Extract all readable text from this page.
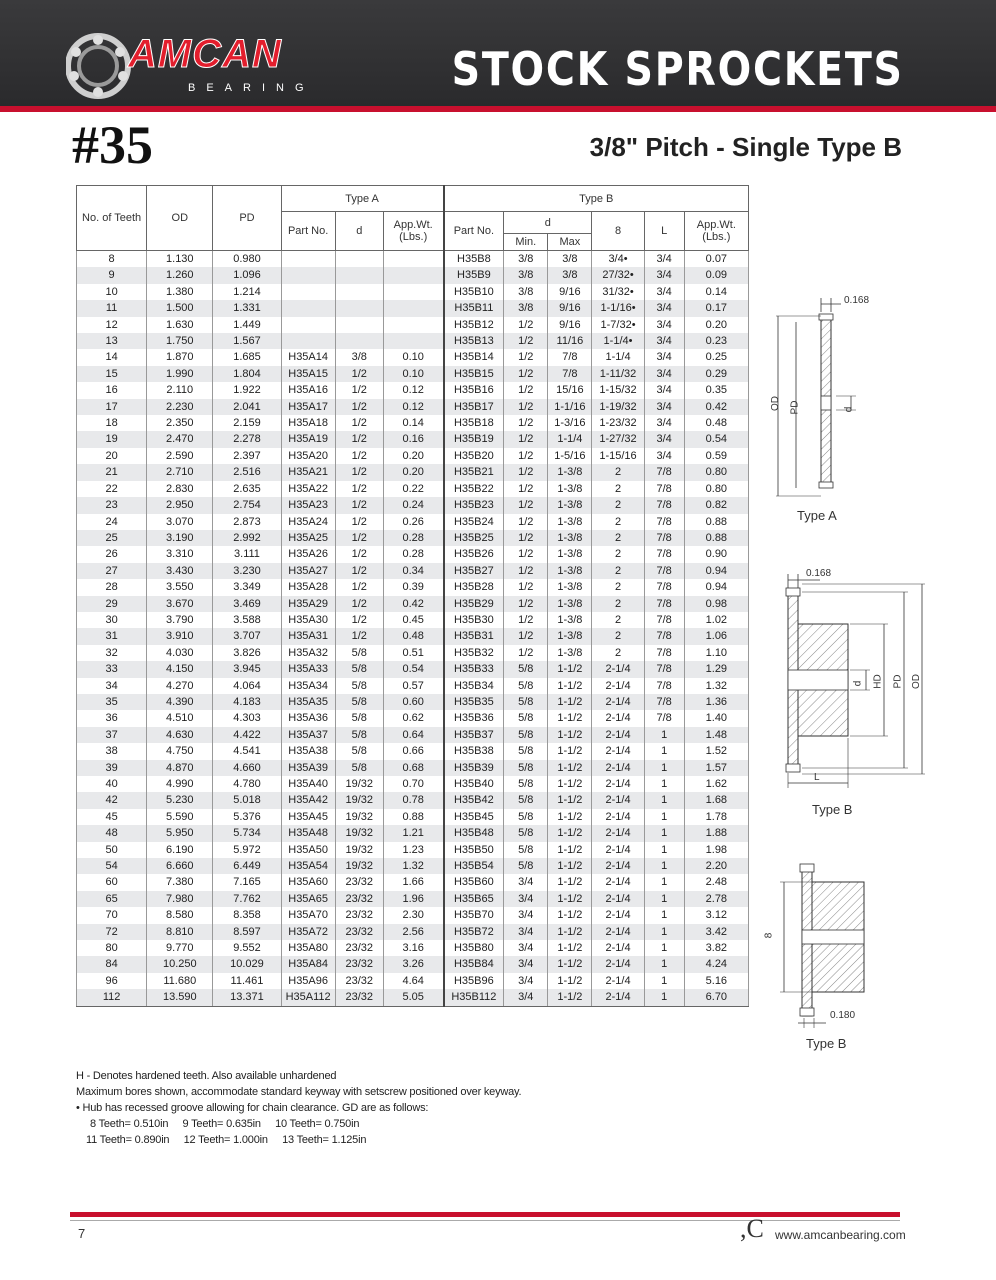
AMCAN
BEARING	STOCK SPROCKETS
#35	3/8" Pitch - Single Type B
No. of Teeth	OD	PD	Type A			Type B					
			Part No.	d	App.Wt. (Lbs.)	Part No.	d		8	L	App.Wt. (Lbs.)
							Min.	Max			
8	1.130	0.980				H35B8	3/8	3/8	3/4•	3/4	0.07
9	1.260	1.096				H35B9	3/8	3/8	27/32•	3/4	0.09
10	1.380	1.214				H35B10	3/8	9/16	31/32•	3/4	0.14
11	1.500	1.331				H35B11	3/8	9/16	1-1/16•	3/4	0.17
12	1.630	1.449				H35B12	1/2	9/16	1-7/32•	3/4	0.20
13	1.750	1.567				H35B13	1/2	11/16	1-1/4•	3/4	0.23
14	1.870	1.685	H35A14	3/8	0.10	H35B14	1/2	7/8	1-1/4	3/4	0.25
15	1.990	1.804	H35A15	1/2	0.10	H35B15	1/2	7/8	1-11/32	3/4	0.29
16	2.110	1.922	H35A16	1/2	0.12	H35B16	1/2	15/16	1-15/32	3/4	0.35
17	2.230	2.041	H35A17	1/2	0.12	H35B17	1/2	1-1/16	1-19/32	3/4	0.42
18	2.350	2.159	H35A18	1/2	0.14	H35B18	1/2	1-3/16	1-23/32	3/4	0.48
19	2.470	2.278	H35A19	1/2	0.16	H35B19	1/2	1-1/4	1-27/32	3/4	0.54
20	2.590	2.397	H35A20	1/2	0.20	H35B20	1/2	1-5/16	1-15/16	3/4	0.59
21	2.710	2.516	H35A21	1/2	0.20	H35B21	1/2	1-3/8	2	7/8	0.80
22	2.830	2.635	H35A22	1/2	0.22	H35B22	1/2	1-3/8	2	7/8	0.80
23	2.950	2.754	H35A23	1/2	0.24	H35B23	1/2	1-3/8	2	7/8	0.82
24	3.070	2.873	H35A24	1/2	0.26	H35B24	1/2	1-3/8	2	7/8	0.88
25	3.190	2.992	H35A25	1/2	0.28	H35B25	1/2	1-3/8	2	7/8	0.88
26	3.310	3.111	H35A26	1/2	0.28	H35B26	1/2	1-3/8	2	7/8	0.90
27	3.430	3.230	H35A27	1/2	0.34	H35B27	1/2	1-3/8	2	7/8	0.94
28	3.550	3.349	H35A28	1/2	0.39	H35B28	1/2	1-3/8	2	7/8	0.94
29	3.670	3.469	H35A29	1/2	0.42	H35B29	1/2	1-3/8	2	7/8	0.98
30	3.790	3.588	H35A30	1/2	0.45	H35B30	1/2	1-3/8	2	7/8	1.02
31	3.910	3.707	H35A31	1/2	0.48	H35B31	1/2	1-3/8	2	7/8	1.06
32	4.030	3.826	H35A32	5/8	0.51	H35B32	1/2	1-3/8	2	7/8	1.10
33	4.150	3.945	H35A33	5/8	0.54	H35B33	5/8	1-1/2	2-1/4	7/8	1.29
34	4.270	4.064	H35A34	5/8	0.57	H35B34	5/8	1-1/2	2-1/4	7/8	1.32
35	4.390	4.183	H35A35	5/8	0.60	H35B35	5/8	1-1/2	2-1/4	7/8	1.36
36	4.510	4.303	H35A36	5/8	0.62	H35B36	5/8	1-1/2	2-1/4	7/8	1.40
37	4.630	4.422	H35A37	5/8	0.64	H35B37	5/8	1-1/2	2-1/4	1	1.48
38	4.750	4.541	H35A38	5/8	0.66	H35B38	5/8	1-1/2	2-1/4	1	1.52
39	4.870	4.660	H35A39	5/8	0.68	H35B39	5/8	1-1/2	2-1/4	1	1.57
40	4.990	4.780	H35A40	19/32	0.70	H35B40	5/8	1-1/2	2-1/4	1	1.62
42	5.230	5.018	H35A42	19/32	0.78	H35B42	5/8	1-1/2	2-1/4	1	1.68
45	5.590	5.376	H35A45	19/32	0.88	H35B45	5/8	1-1/2	2-1/4	1	1.78
48	5.950	5.734	H35A48	19/32	1.21	H35B48	5/8	1-1/2	2-1/4	1	1.88
50	6.190	5.972	H35A50	19/32	1.23	H35B50	5/8	1-1/2	2-1/4	1	1.98
54	6.660	6.449	H35A54	19/32	1.32	H35B54	5/8	1-1/2	2-1/4	1	2.20
60	7.380	7.165	H35A60	23/32	1.66	H35B60	3/4	1-1/2	2-1/4	1	2.48
65	7.980	7.762	H35A65	23/32	1.96	H35B65	3/4	1-1/2	2-1/4	1	2.78
70	8.580	8.358	H35A70	23/32	2.30	H35B70	3/4	1-1/2	2-1/4	1	3.12
72	8.810	8.597	H35A72	23/32	2.56	H35B72	3/4	1-1/2	2-1/4	1	3.42
80	9.770	9.552	H35A80	23/32	3.16	H35B80	3/4	1-1/2	2-1/4	1	3.82
84	10.250	10.029	H35A84	23/32	3.26	H35B84	3/4	1-1/2	2-1/4	1	4.24
96	11.680	11.461	H35A96	23/32	4.64	H35B96	3/4	1-1/2	2-1/4	1	5.16
112	13.590	13.371	H35A112	23/32	5.05	H35B112	3/4	1-1/2	2-1/4	1	6.70
0.168
OD PD	d
Type A
0.168
d HD PD OD
L
Type B
8
0.180
Type B
H - Denotes hardened teeth. Also available unhardened
Maximum bores shown, accommodate standard keyway with setscrew positioned over keyway.
• Hub has recessed groove allowing for chain clearance. GD are as follows:
8 Teeth= 0.510in     9 Teeth= 0.635in     10 Teeth= 0.750in
11 Teeth= 0.890in     12 Teeth= 1.000in     13 Teeth= 1.125in
7	,C www.amcanbearing.com
